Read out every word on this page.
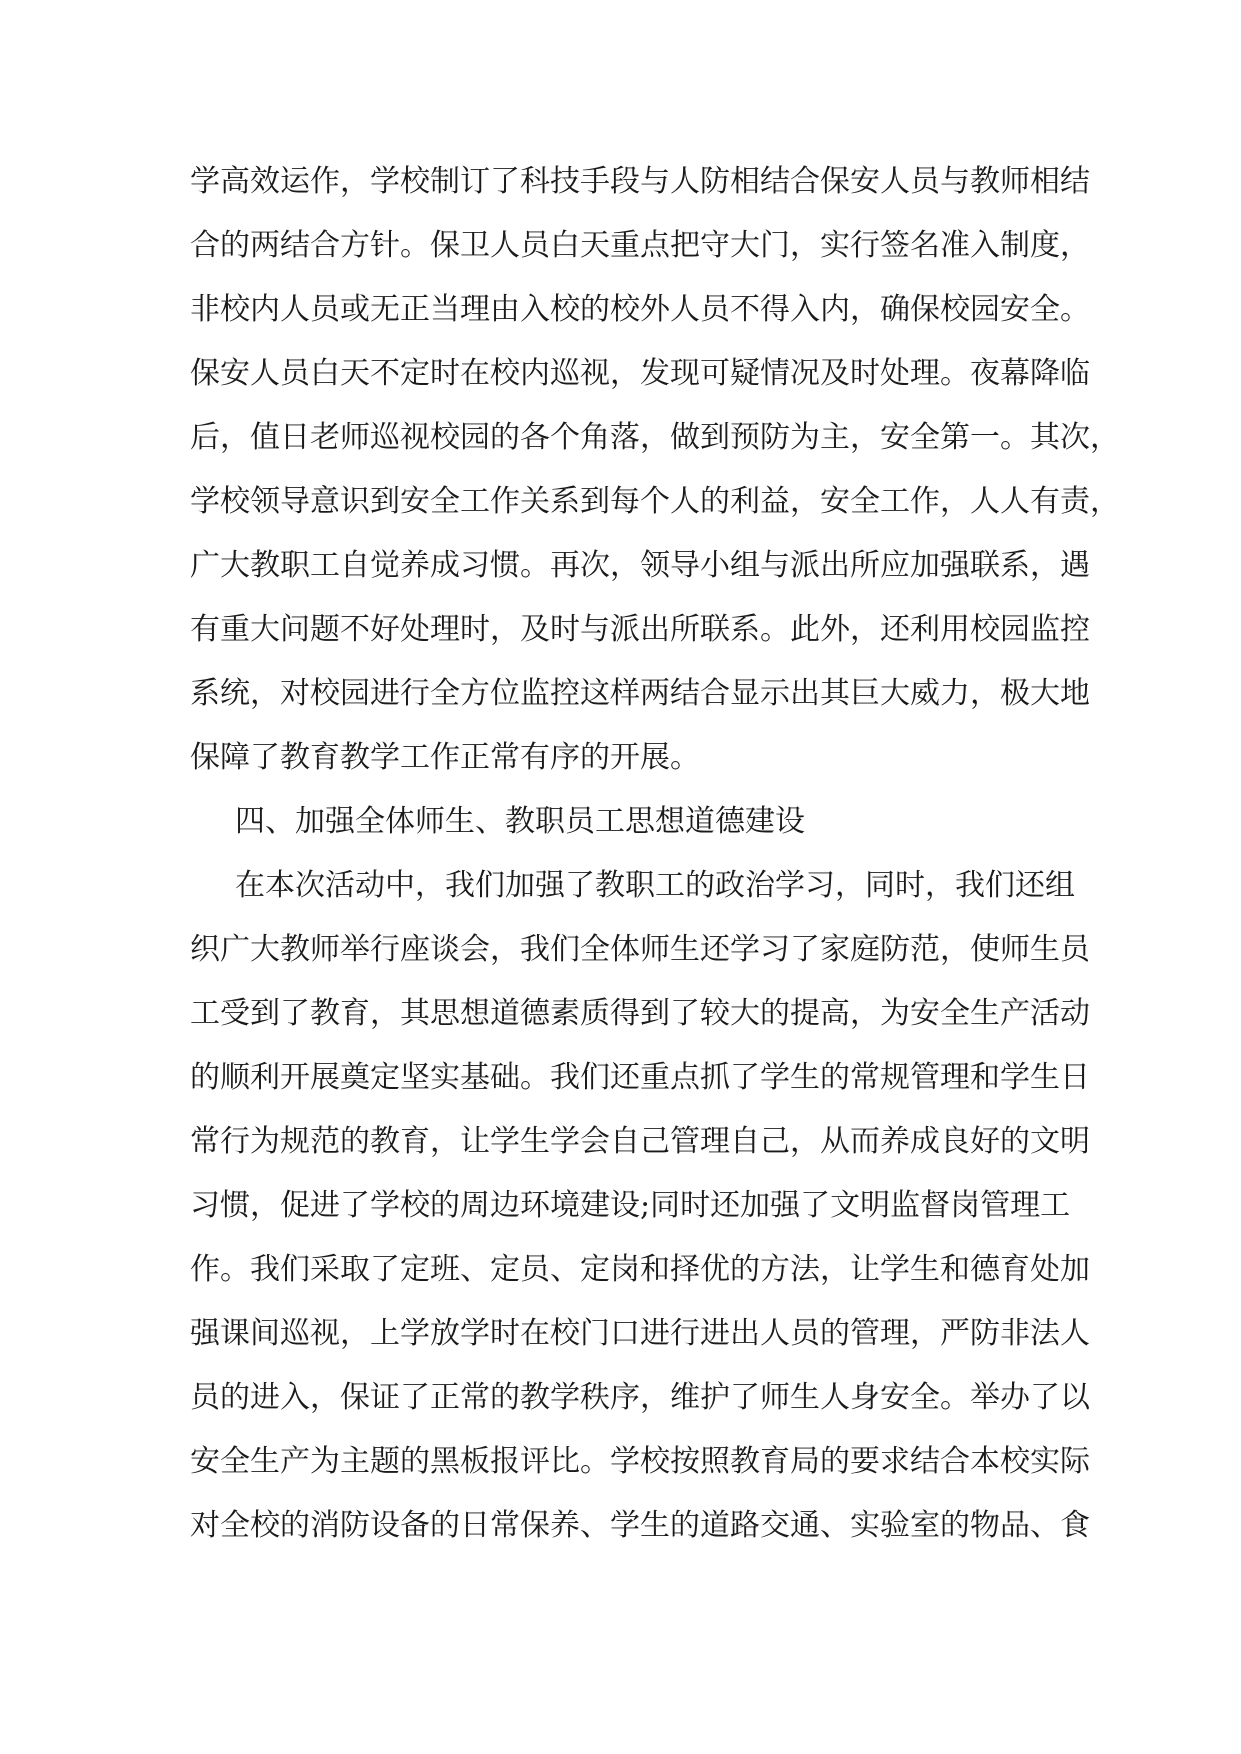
学高效运作，学校制订了科技手段与人防相结合保安人员与教师相结
合的两结合方针。保卫人员白天重点把守大门，实行签名准入制度，
非校内人员或无正当理由入校的校外人员不得入内，确保校园安全。
保安人员白天不定时在校内巡视，发现可疑情况及时处理。夜幕降临
后，值日老师巡视校园的各个角落，做到预防为主，安全第一。其次，
学校领导意识到安全工作关系到每个人的利益，安全工作，人人有责，
广大教职工自觉养成习惯。再次，领导小组与派出所应加强联系，遇
有重大问题不好处理时，及时与派出所联系。此外，还利用校园监控
系统，对校园进行全方位监控这样两结合显示出其巨大威力，极大地
保障了教育教学工作正常有序的开展。
四、加强全体师生、教职员工思想道德建设
在本次活动中，我们加强了教职工的政治学习，同时，我们还组
织广大教师举行座谈会，我们全体师生还学习了家庭防范，使师生员
工受到了教育，其思想道德素质得到了较大的提高，为安全生产活动
的顺利开展奠定坚实基础。我们还重点抓了学生的常规管理和学生日
常行为规范的教育，让学生学会自己管理自己，从而养成良好的文明
习惯，促进了学校的周边环境建设;同时还加强了文明监督岗管理工
作。我们采取了定班、定员、定岗和择优的方法，让学生和德育处加
强课间巡视，上学放学时在校门口进行进出人员的管理，严防非法人
员的进入，保证了正常的教学秩序，维护了师生人身安全。举办了以
安全生产为主题的黑板报评比。学校按照教育局的要求结合本校实际
对全校的消防设备的日常保养、学生的道路交通、实验室的物品、食
